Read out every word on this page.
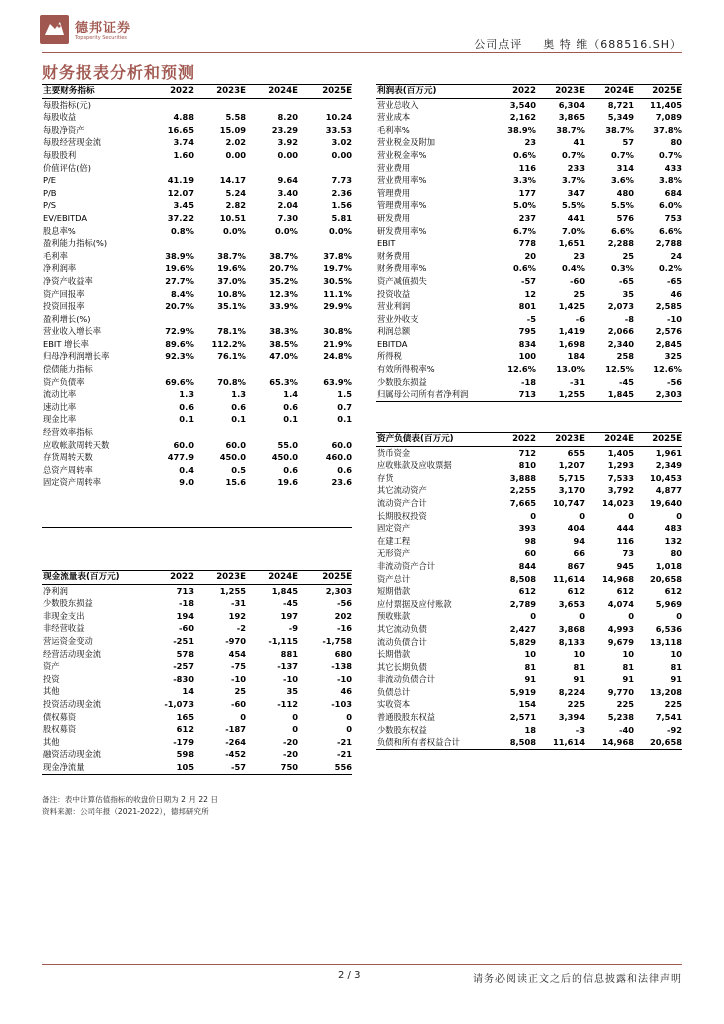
德邦证券
Topsperity Securities	公司点评 　 奥 特 维（688516.SH）
财务报表分析和预测
主要财务指标	2022	2023E	2024E	2025E
每股指标(元)				
每股收益	4.88	5.58	8.20	10.24
每股净资产	16.65	15.09	23.29	33.53
每股经营现金流	3.74	2.02	3.92	3.02
每股股利	1.60	0.00	0.00	0.00
价值评估(倍)				
P/E	41.19	14.17	9.64	7.73
P/B	12.07	5.24	3.40	2.36
P/S	3.45	2.82	2.04	1.56
EV/EBITDA	37.22	10.51	7.30	5.81
股息率%	0.8%	0.0%	0.0%	0.0%
盈利能力指标(%)				
毛利率	38.9%	38.7%	38.7%	37.8%
净利润率	19.6%	19.6%	20.7%	19.7%
净资产收益率	27.7%	37.0%	35.2%	30.5%
资产回报率	8.4%	10.8%	12.3%	11.1%
投资回报率	20.7%	35.1%	33.9%	29.9%
盈利增长(%)				
营业收入增长率	72.9%	78.1%	38.3%	30.8%
EBIT 增长率	89.6%	112.2%	38.5%	21.9%
归母净利润增长率	92.3%	76.1%	47.0%	24.8%
偿债能力指标				
资产负债率	69.6%	70.8%	65.3%	63.9%
流动比率	1.3	1.3	1.4	1.5
速动比率	0.6	0.6	0.6	0.7
现金比率	0.1	0.1	0.1	0.1
经营效率指标				
应收帐款周转天数	60.0	60.0	55.0	60.0
存货周转天数	477.9	450.0	450.0	460.0
总资产周转率	0.4	0.5	0.6	0.6
固定资产周转率	9.0	15.6	19.6	23.6

现金流量表(百万元)	2022	2023E	2024E	2025E
净利润	713	1,255	1,845	2,303
少数股东损益	-18	-31	-45	-56
非现金支出	194	192	197	202
非经营收益	-60	-2	-9	-16
营运资金变动	-251	-970	-1,115	-1,758
经营活动现金流	578	454	881	680
资产	-257	-75	-137	-138
投资	-830	-10	-10	-10
其他	14	25	35	46
投资活动现金流	-1,073	-60	-112	-103
债权募资	165	0	0	0
股权募资	612	-187	0	0
其他	-179	-264	-20	-21
融资活动现金流	598	-452	-20	-21
现金净流量	105	-57	750	556
利润表(百万元)	2022	2023E	2024E	2025E
营业总收入	3,540	6,304	8,721	11,405
营业成本	2,162	3,865	5,349	7,089
毛利率%	38.9%	38.7%	38.7%	37.8%
营业税金及附加	23	41	57	80
营业税金率%	0.6%	0.7%	0.7%	0.7%
营业费用	116	233	314	433
营业费用率%	3.3%	3.7%	3.6%	3.8%
管理费用	177	347	480	684
管理费用率%	5.0%	5.5%	5.5%	6.0%
研发费用	237	441	576	753
研发费用率%	6.7%	7.0%	6.6%	6.6%
EBIT	778	1,651	2,288	2,788
财务费用	20	23	25	24
财务费用率%	0.6%	0.4%	0.3%	0.2%
资产减值损失	-57	-60	-65	-65
投资收益	12	25	35	46
营业利润	801	1,425	2,073	2,585
营业外收支	-5	-6	-8	-10
利润总额	795	1,419	2,066	2,576
EBITDA	834	1,698	2,340	2,845
所得税	100	184	258	325
有效所得税率%	12.6%	13.0%	12.5%	12.6%
少数股东损益	-18	-31	-45	-56
归属母公司所有者净利润	713	1,255	1,845	2,303
资产负债表(百万元)	2022	2023E	2024E	2025E
货币资金	712	655	1,405	1,961
应收账款及应收票据	810	1,207	1,293	2,349
存货	3,888	5,715	7,533	10,453
其它流动资产	2,255	3,170	3,792	4,877
流动资产合计	7,665	10,747	14,023	19,640
长期股权投资	0	0	0	0
固定资产	393	404	444	483
在建工程	98	94	116	132
无形资产	60	66	73	80
非流动资产合计	844	867	945	1,018
资产总计	8,508	11,614	14,968	20,658
短期借款	612	612	612	612
应付票据及应付账款	2,789	3,653	4,074	5,969
预收账款	0	0	0	0
其它流动负债	2,427	3,868	4,993	6,536
流动负债合计	5,829	8,133	9,679	13,118
长期借款	10	10	10	10
其它长期负债	81	81	81	81
非流动负债合计	91	91	91	91
负债总计	5,919	8,224	9,770	13,208
实收资本	154	225	225	225
普通股股东权益	2,571	3,394	5,238	7,541
少数股东权益	18	-3	-40	-92
负债和所有者权益合计	8,508	11,614	14,968	20,658
备注：表中计算估值指标的收盘价日期为 2 月 22 日
资料来源：公司年报（2021-2022），德邦研究所
2 / 3	请务必阅读正文之后的信息披露和法律声明
